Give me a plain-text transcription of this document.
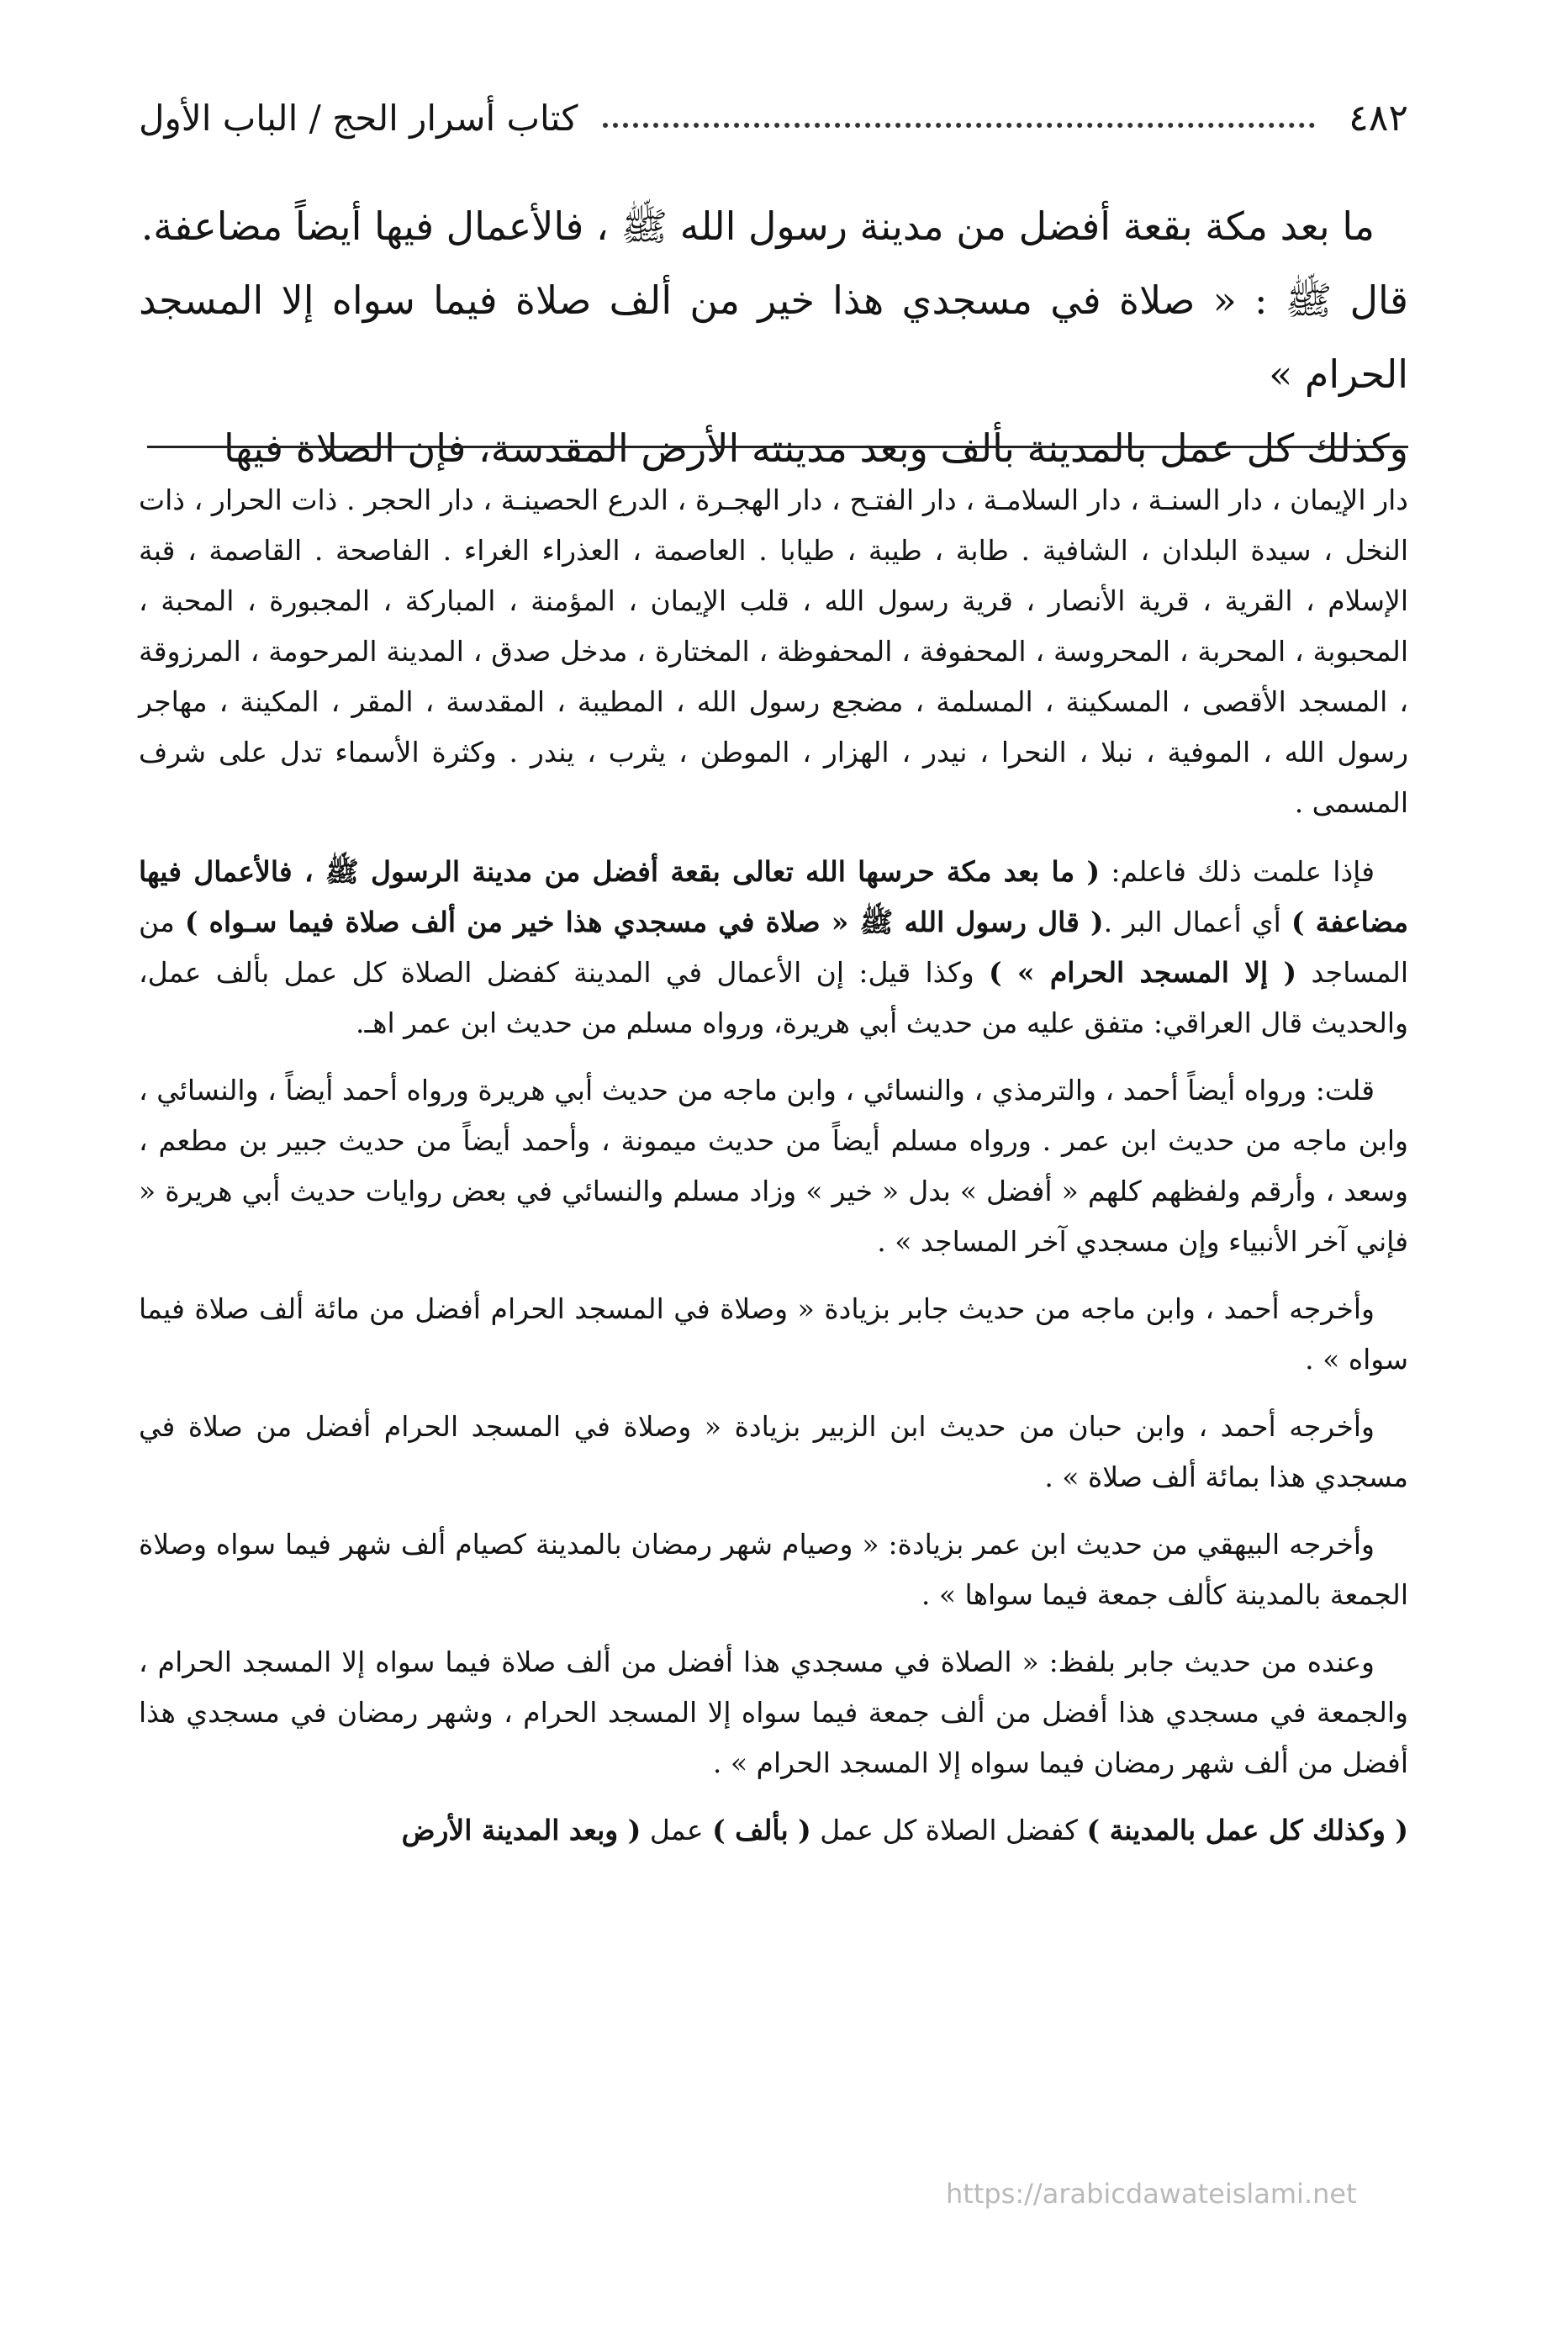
٤٨٢
كتاب أسرار الحج / الباب الأول

ما بعد مكة بقعة أفضل من مدينة رسول الله ﷺ ، فالأعمال فيها أيضاً مضاعفة.

قال ﷺ : « صلاة في مسجدي هذا خير من ألف صلاة فيما سواه إلا المسجد الحرام »

وكذلك كل عمل بالمدينة بألف وبعد مدينته الأرض المقدسة، فإن الصلاة فيها

دار الإيمان ، دار السنـة ، دار السلامـة ، دار الفتـح ، دار الهجـرة ، الدرع الحصينـة ، دار الحجر . ذات الحرار ، ذات النخل ، سيدة البلدان ، الشافية . طابة ، طيبة ، طيابا . العاصمة ، العذراء الغراء . الفاصحة . القاصمة ، قبة الإسلام ، القرية ، قرية الأنصار ، قرية رسول الله ، قلب الإيمان ، المؤمنة ، المباركة ، المجبورة ، المحبة ، المحبوبة ، المحربة ، المحروسة ، المحفوفة ، المحفوظة ، المختارة ، مدخل صدق ، المدينة المرحومة ، المرزوقة ، المسجد الأقصى ، المسكينة ، المسلمة ، مضجع رسول الله ، المطيبة ، المقدسة ، المقر ، المكينة ، مهاجر رسول الله ، الموفية ، نبلا ، النحرا ، نيدر ، الهزار ، الموطن ، يثرب ، يندر . وكثرة الأسماء تدل على شرف المسمى .

فإذا علمت ذلك فاعلم: ( ما بعد مكة حرسها الله تعالى بقعة أفضل من مدينة الرسول ﷺ ، فالأعمال فيها مضاعفة ) أي أعمال البر .( قال رسول الله ﷺ « صلاة في مسجدي هذا خير من ألف صلاة فيما سـواه ) من المساجد ( إلا المسجد الحرام » ) وكذا قيل: إن الأعمال في المدينة كفضل الصلاة كل عمل بألف عمل، والحديث قال العراقي: متفق عليه من حديث أبي هريرة، ورواه مسلم من حديث ابن عمر اهـ.

قلت: ورواه أيضاً أحمد ، والترمذي ، والنسائي ، وابن ماجه من حديث أبي هريرة ورواه أحمد أيضاً ، والنسائي ، وابن ماجه من حديث ابن عمر . ورواه مسلم أيضاً من حديث ميمونة ، وأحمد أيضاً من حديث جبير بن مطعم ، وسعد ، وأرقم ولفظهم كلهم « أفضل » بدل « خير » وزاد مسلم والنسائي في بعض روايات حديث أبي هريرة « فإني آخر الأنبياء وإن مسجدي آخر المساجد » .

وأخرجه أحمد ، وابن ماجه من حديث جابر بزيادة « وصلاة في المسجد الحرام أفضل من مائة ألف صلاة فيما سواه » .

وأخرجه أحمد ، وابن حبان من حديث ابن الزبير بزيادة « وصلاة في المسجد الحرام أفضل من صلاة في مسجدي هذا بمائة ألف صلاة » .

وأخرجه البيهقي من حديث ابن عمر بزيادة: « وصيام شهر رمضان بالمدينة كصيام ألف شهر فيما سواه وصلاة الجمعة بالمدينة كألف جمعة فيما سواها » .

وعنده من حديث جابر بلفظ: « الصلاة في مسجدي هذا أفضل من ألف صلاة فيما سواه إلا المسجد الحرام ، والجمعة في مسجدي هذا أفضل من ألف جمعة فيما سواه إلا المسجد الحرام ، وشهر رمضان في مسجدي هذا أفضل من ألف شهر رمضان فيما سواه إلا المسجد الحرام » .

( وكذلك كل عمل بالمدينة ) كفضل الصلاة كل عمل ( بألف ) عمل ( وبعد المدينة الأرض

https://arabicdawateislami.net
